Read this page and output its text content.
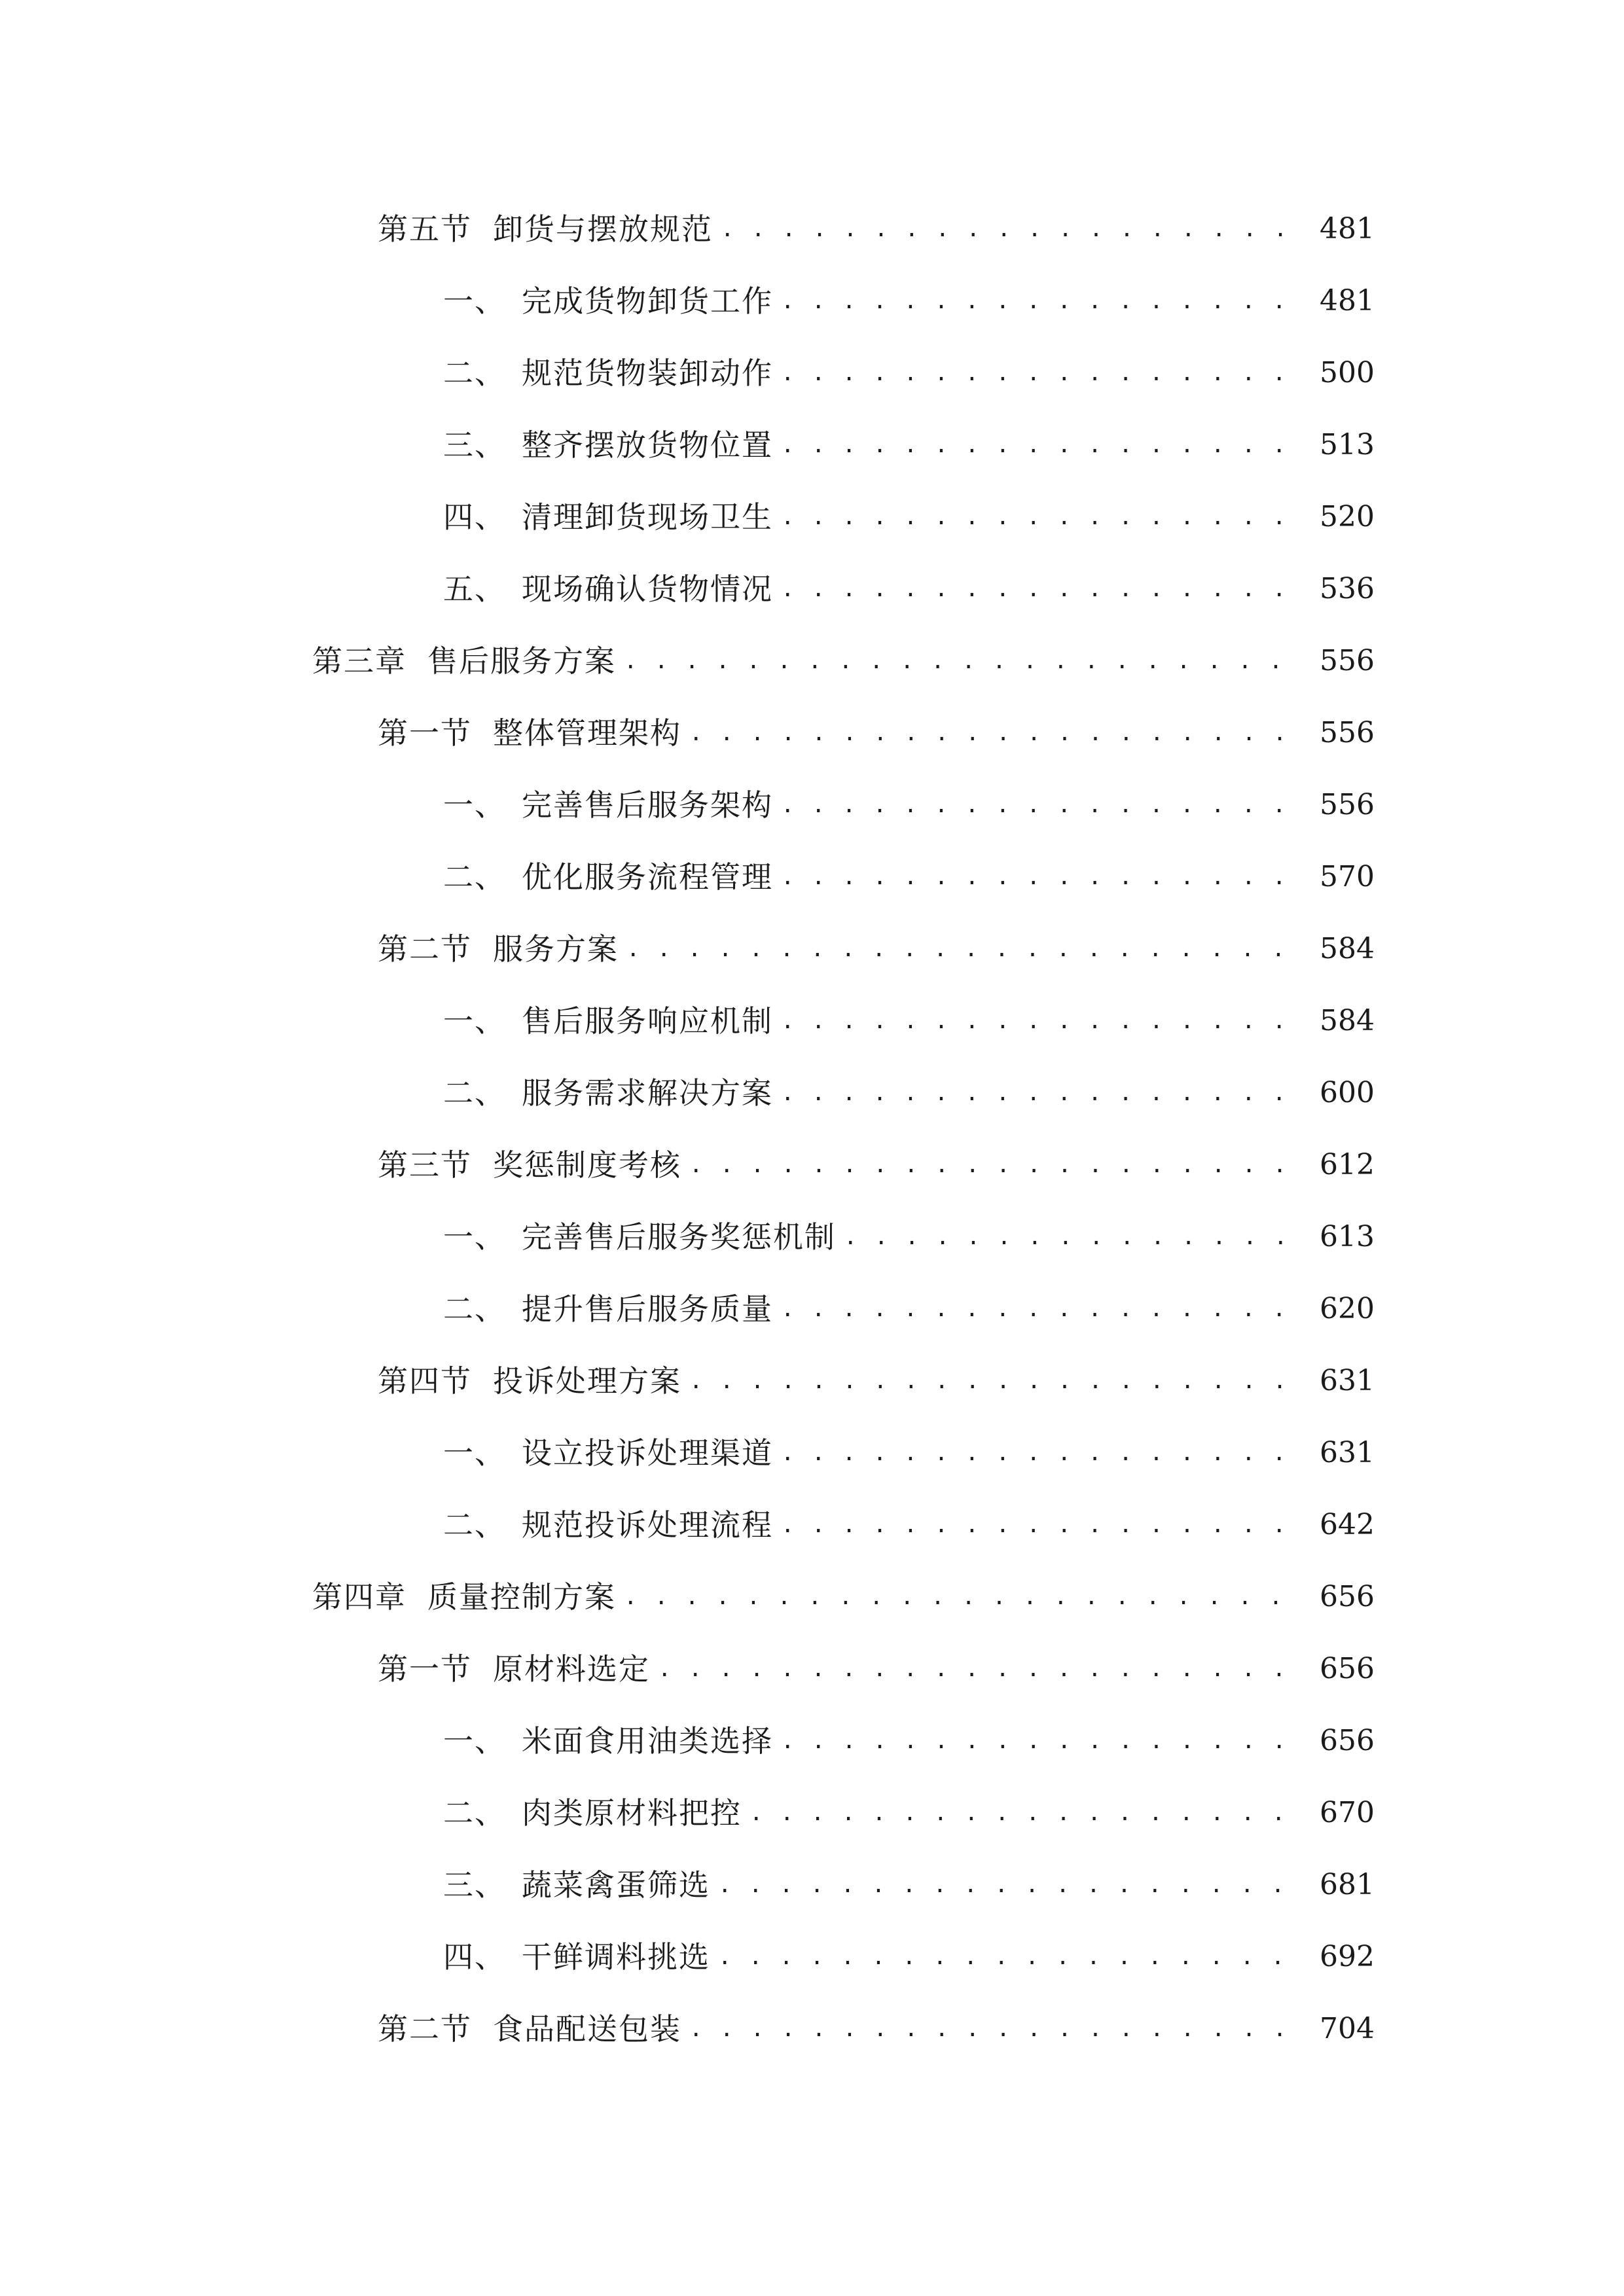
第五节 卸货与摆放规范 . . .	481
一、 完成货物卸货工作 . . .	481
二、 规范货物装卸动作 . . .	500
三、 整齐摆放货物位置 . . .	513
四、 清理卸货现场卫生 . . .	520
五、 现场确认货物情况 . . .	536
第三章 售后服务方案 . . .	556
第一节 整体管理架构 . . .	556
一、 完善售后服务架构 . . .	556
二、 优化服务流程管理 . . .	570
第二节 服务方案 . . .	584
一、 售后服务响应机制 . . .	584
二、 服务需求解决方案 . . .	600
第三节 奖惩制度考核 . . .	612
一、 完善售后服务奖惩机制 . . .	613
二、 提升售后服务质量 . . .	620
第四节 投诉处理方案 . . .	631
一、 设立投诉处理渠道 . . .	631
二、 规范投诉处理流程 . . .	642
第四章 质量控制方案 . . .	656
第一节 原材料选定 . . .	656
一、 米面食用油类选择 . . .	656
二、 肉类原材料把控 . . .	670
三、 蔬菜禽蛋筛选 . . .	681
四、 干鲜调料挑选 . . .	692
第二节 食品配送包装 . . .	704
